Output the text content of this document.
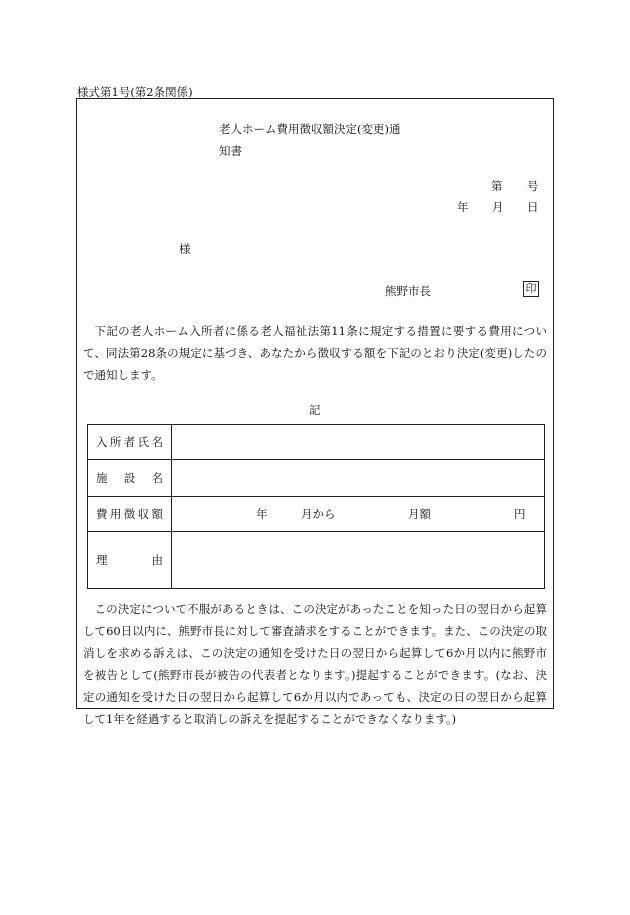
様式第1号(第2条関係)
老人ホーム費用徴収額決定(変更)通
知書
第 号
年 月 日
様
熊野市長	印
下記の老人ホーム入所者に係る老人福祉法第11条に規定する措置に要する費用について、同法第28条の規定に基づき、あなたから徴収する額を下記のとおり決定(変更)したので通知します。
記
入 所 者 氏 名	

施 設 名	

費 用 徴 収 額	年 月から 月額 円

理 由	

この決定について不服があるときは、この決定があったことを知った日の翌日から起算して60日以内に、熊野市長に対して審査請求をすることができます。また、この決定の取消しを求める訴えは、この決定の通知を受けた日の翌日から起算して6か月以内に熊野市を被告として(熊野市長が被告の代表者となります。)提起することができます。(なお、決定の通知を受けた日の翌日から起算して6か月以内であっても、決定の日の翌日から起算して1年を経過すると取消しの訴えを提起することができなくなります。)
